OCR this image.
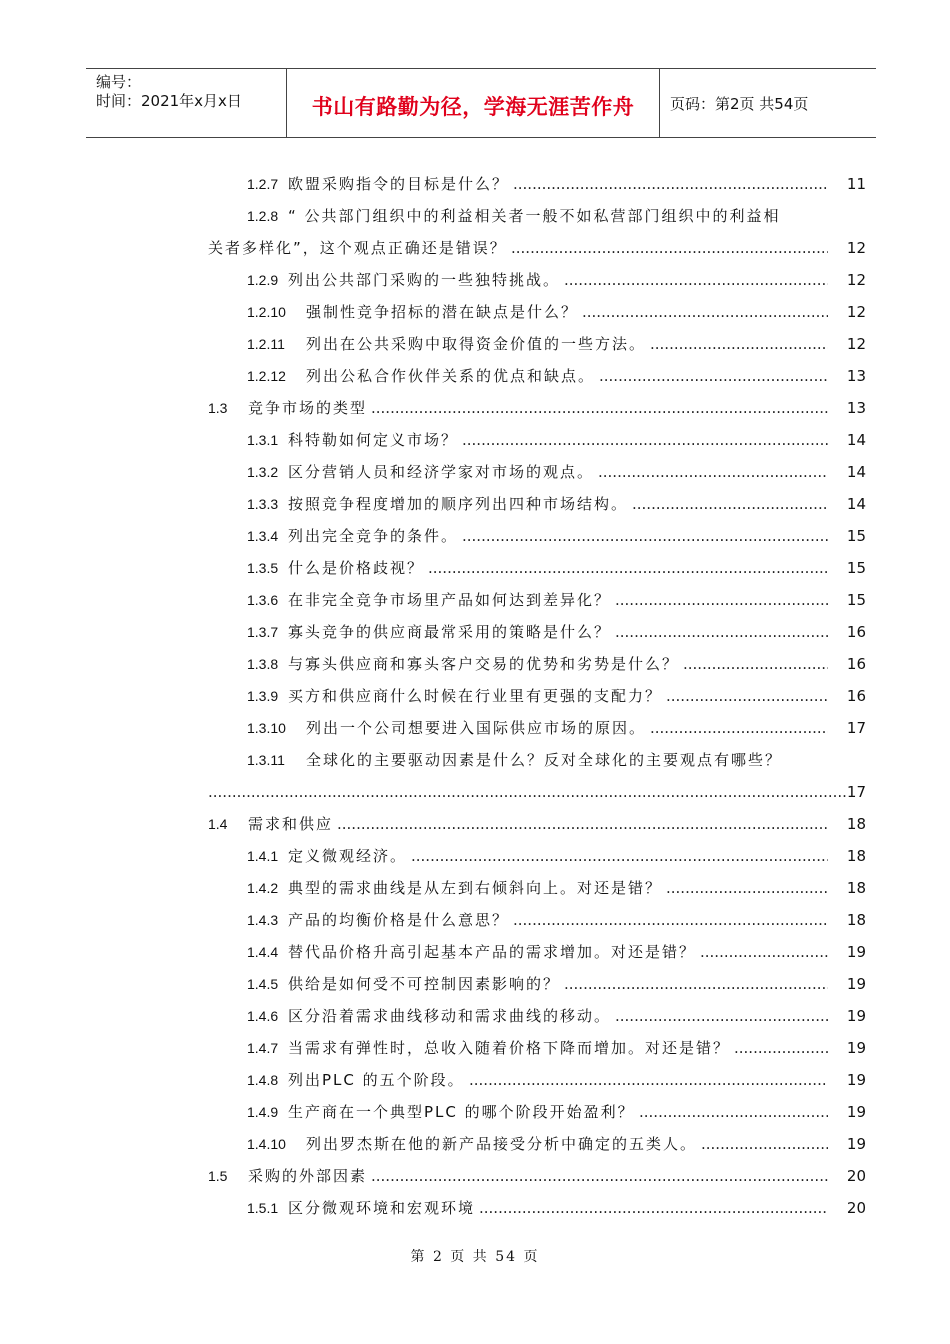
编号：
时间：2021年x月x日	书山有路勤为径，学海无涯苦作舟	页码：第2页 共54页
1.2.7 欧盟采购指令的目标是什么？	11
.....
1.2.8 “ 公共部门组织中的利益相关者一般不如私营部门组织中的利益相
关者多样化”，这个观点正确还是错误？	12
.....
1.2.9 列出公共部门采购的一些独特挑战。	12
.....
1.2.10 强制性竞争招标的潜在缺点是什么？	12
.....
1.2.11 列出在公共采购中取得资金价值的一些方法。	12
.....
1.2.12 列出公私合作伙伴关系的优点和缺点。	13
.....
1.3 竞争市场的类型	13
.....
1.3.1 科特勒如何定义市场？	14
.....
1.3.2 区分营销人员和经济学家对市场的观点。	14
.....
1.3.3 按照竞争程度增加的顺序列出四种市场结构。	14
.....
1.3.4 列出完全竞争的条件。	15
.....
1.3.5 什么是价格歧视？	15
.....
1.3.6 在非完全竞争市场里产品如何达到差异化？	15
.....
1.3.7 寡头竞争的供应商最常采用的策略是什么？	16
.....
1.3.8 与寡头供应商和寡头客户交易的优势和劣势是什么？	16
.....
1.3.9 买方和供应商什么时候在行业里有更强的支配力？	16
.....
1.3.10 列出一个公司想要进入国际供应市场的原因。	17
.....
1.3.11 全球化的主要驱动因素是什么？反对全球化的主要观点有哪些？
17
.....
1.4 需求和供应	18
.....
1.4.1 定义微观经济。	18
.....
1.4.2 典型的需求曲线是从左到右倾斜向上。对还是错？	18
.....
1.4.3 产品的均衡价格是什么意思？	18
.....
1.4.4 替代品价格升高引起基本产品的需求增加。对还是错？	19
.....
1.4.5 供给是如何受不可控制因素影响的？	19
.....
1.4.6 区分沿着需求曲线移动和需求曲线的移动。	19
.....
1.4.7 当需求有弹性时，总收入随着价格下降而增加。对还是错？	19
.....
1.4.8 列出PLC 的五个阶段。	19
.....
1.4.9 生产商在一个典型PLC 的哪个阶段开始盈利？	19
.....
1.4.10 列出罗杰斯在他的新产品接受分析中确定的五类人。	19
.....
1.5 采购的外部因素	20
.....
1.5.1 区分微观环境和宏观环境	20
.....
第 2 页 共 54 页
